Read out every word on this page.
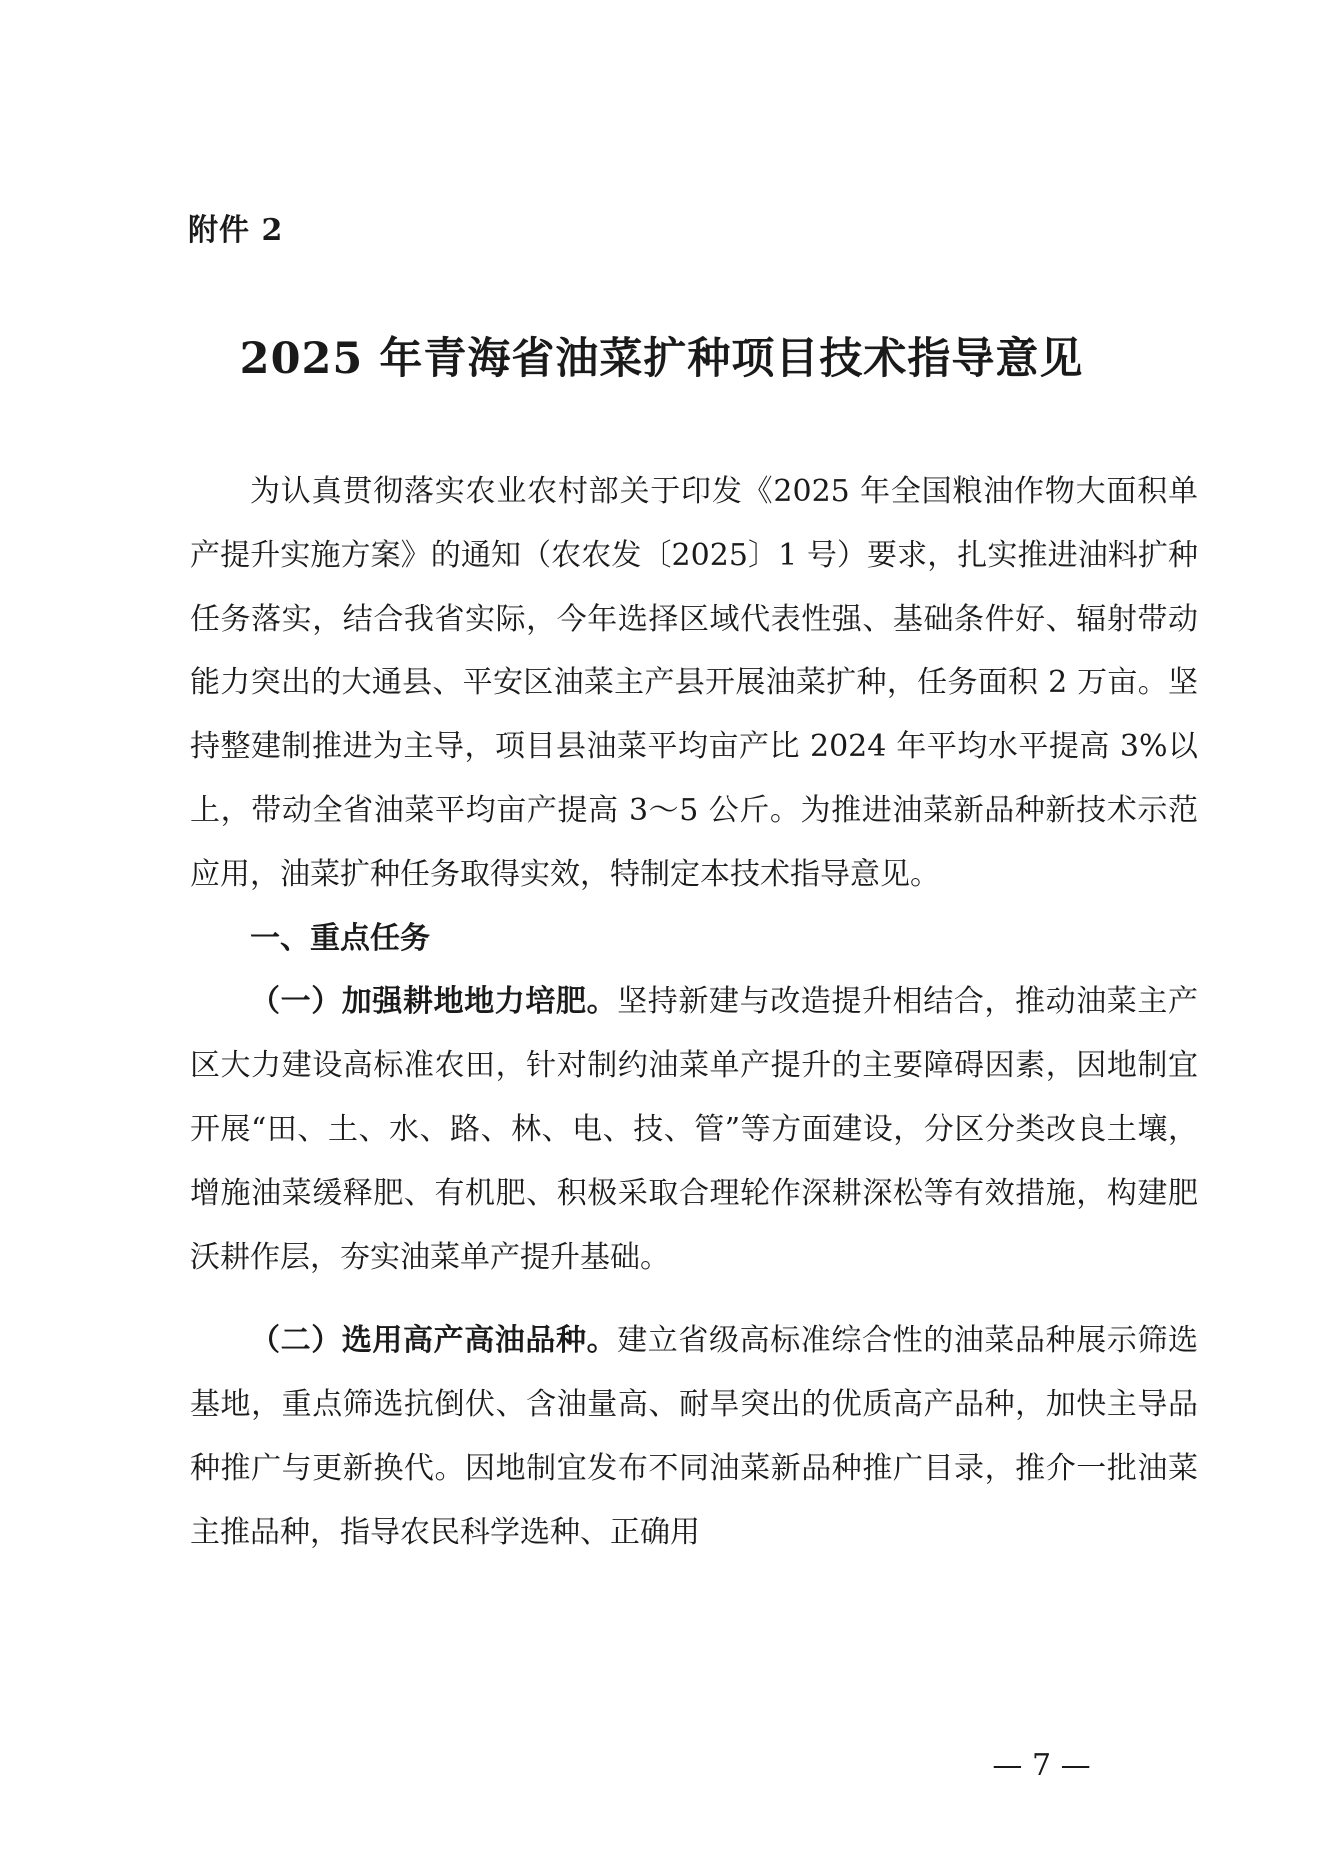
附件 2
2025 年青海省油菜扩种项目技术指导意见

为认真贯彻落实农业农村部关于印发《2025 年全国粮油作物大面积单产提升实施方案》的通知（农农发〔2025〕1 号）要求，扎实推进油料扩种任务落实，结合我省实际，今年选择区域代表性强、基础条件好、辐射带动能力突出的大通县、平安区油菜主产县开展油菜扩种，任务面积 2 万亩。坚持整建制推进为主导，项目县油菜平均亩产比 2024 年平均水平提高 3%以上，带动全省油菜平均亩产提高 3～5 公斤。为推进油菜新品种新技术示范应用，油菜扩种任务取得实效，特制定本技术指导意见。

一、重点任务

（一）加强耕地地力培肥。坚持新建与改造提升相结合，推动油菜主产区大力建设高标准农田，针对制约油菜单产提升的主要障碍因素，因地制宜开展“田、土、水、路、林、电、技、管”等方面建设，分区分类改良土壤，增施油菜缓释肥、有机肥、积极采取合理轮作深耕深松等有效措施，构建肥沃耕作层，夯实油菜单产提升基础。

（二）选用高产高油品种。建立省级高标准综合性的油菜品种展示筛选基地，重点筛选抗倒伏、含油量高、耐旱突出的优质高产品种，加快主导品种推广与更新换代。因地制宜发布不同油菜新品种推广目录，推介一批油菜主推品种，指导农民科学选种、正确用

— 7 —
